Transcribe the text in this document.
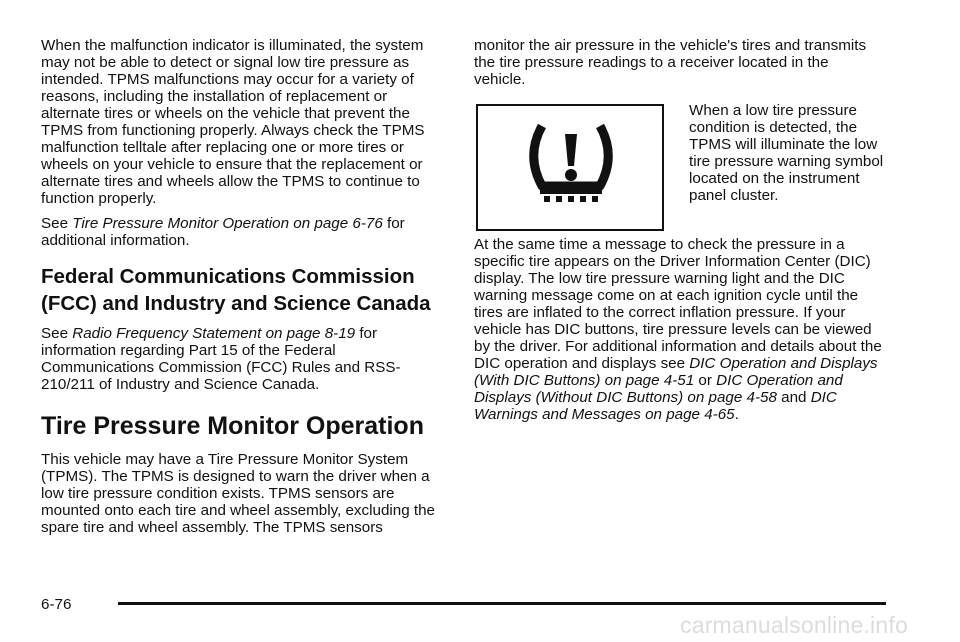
When the malfunction indicator is illuminated, the system may not be able to detect or signal low tire pressure as intended. TPMS malfunctions may occur for a variety of reasons, including the installation of replacement or alternate tires or wheels on the vehicle that prevent the TPMS from functioning properly. Always check the TPMS malfunction telltale after replacing one or more tires or wheels on your vehicle to ensure that the replacement or alternate tires and wheels allow the TPMS to continue to function properly.

See Tire Pressure Monitor Operation on page 6-76 for additional information.

Federal Communications Commission (FCC) and Industry and Science Canada

See Radio Frequency Statement on page 8-19 for information regarding Part 15 of the Federal Communications Commission (FCC) Rules and RSS-210/211 of Industry and Science Canada.

Tire Pressure Monitor Operation

This vehicle may have a Tire Pressure Monitor System (TPMS). The TPMS is designed to warn the driver when a low tire pressure condition exists. TPMS sensors are mounted onto each tire and wheel assembly, excluding the spare tire and wheel assembly. The TPMS sensors

monitor the air pressure in the vehicle's tires and transmits the tire pressure readings to a receiver located in the vehicle.

When a low tire pressure condition is detected, the TPMS will illuminate the low tire pressure warning symbol located on the instrument panel cluster.

At the same time a message to check the pressure in a specific tire appears on the Driver Information Center (DIC) display. The low tire pressure warning light and the DIC warning message come on at each ignition cycle until the tires are inflated to the correct inflation pressure. If your vehicle has DIC buttons, tire pressure levels can be viewed by the driver. For additional information and details about the DIC operation and displays see DIC Operation and Displays (With DIC Buttons) on page 4-51 or DIC Operation and Displays (Without DIC Buttons) on page 4-58 and DIC Warnings and Messages on page 4-65.

6-76
carmanualsonline.info
